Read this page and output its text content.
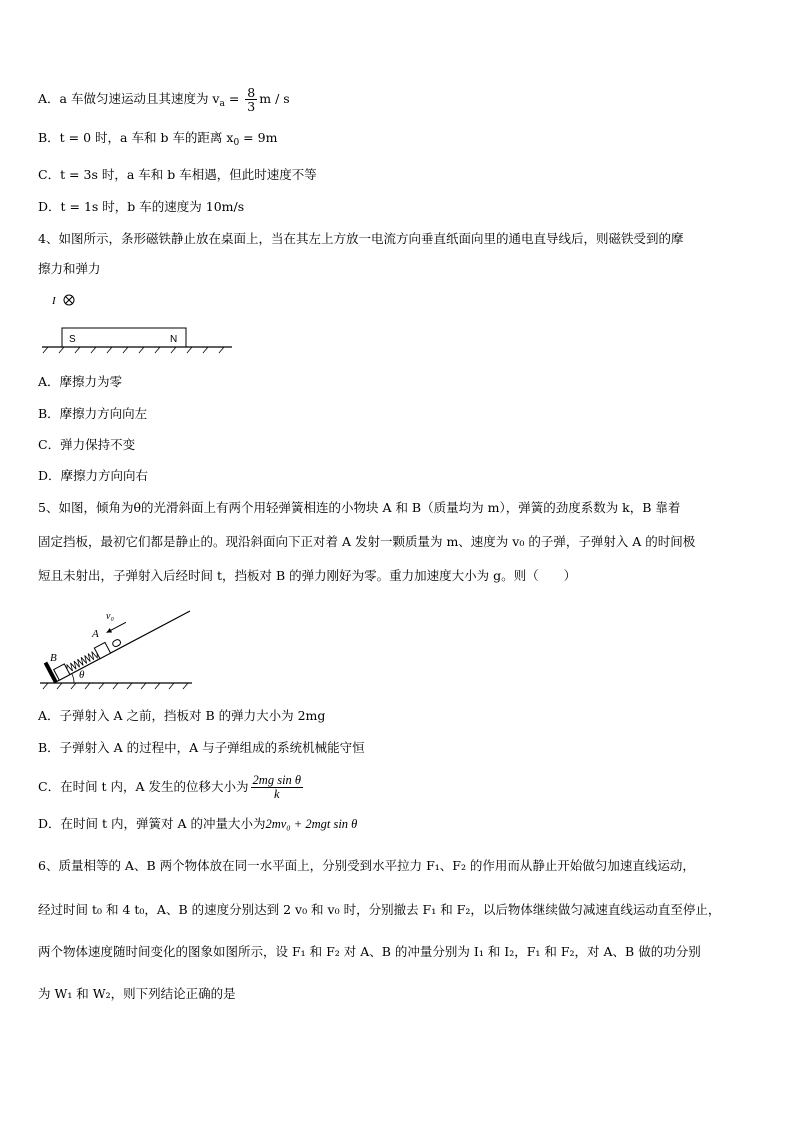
A．a 车做匀速运动且其速度为 $v_a = \frac{8}{3}$ m / s
B．t = 0 时，a 车和 b 车的距离 $x_0 = 9m$
C．t = 3s 时，a 车和 b 车相遇，但此时速度不等
D．t = 1s 时，b 车的速度为 10m/s
4、如图所示，条形磁铁静止放在桌面上，当在其左上方放一电流方向垂直纸面向里的通电直导线后，则磁铁受到的摩
擦力和弹力
I
S	N
A．摩擦力为零
B．摩擦力方向向左
C．弹力保持不变
D．摩擦力方向向右
5、如图，倾角为θ的光滑斜面上有两个用轻弹簧相连的小物块 A 和 B（质量均为 m），弹簧的劲度系数为 k，B 靠着
固定挡板，最初它们都是静止的。现沿斜面向下正对着 A 发射一颗质量为 m、速度为 v₀ 的子弹，子弹射入 A 的时间极
短且未射出，子弹射入后经时间 t，挡板对 B 的弹力刚好为零。重力加速度大小为 g。则（　　）
θ
B
A
v₀
A．子弹射入 A 之前，挡板对 B 的弹力大小为 2mg
B．子弹射入 A 的过程中，A 与子弹组成的系统机械能守恒
C．在时间 t 内，A 发生的位移大小为 $\frac{\text{2mg sin θ}}{k}$
D．在时间 t 内，弹簧对 A 的冲量大小为2mv₀ + 2mgt sin θ
6、质量相等的 A、B 两个物体放在同一水平面上，分别受到水平拉力 F₁、F₂ 的作用而从静止开始做匀加速直线运动，
经过时间 t₀ 和 4 t₀，A、B 的速度分别达到 2 v₀ 和 v₀ 时，分别撤去 F₁ 和 F₂，以后物体继续做匀减速直线运动直至停止，
两个物体速度随时间变化的图象如图所示，设 F₁ 和 F₂ 对 A、B 的冲量分别为 I₁ 和 I₂，F₁ 和 F₂，对 A、B 做的功分别
为 W₁ 和 W₂，则下列结论正确的是
